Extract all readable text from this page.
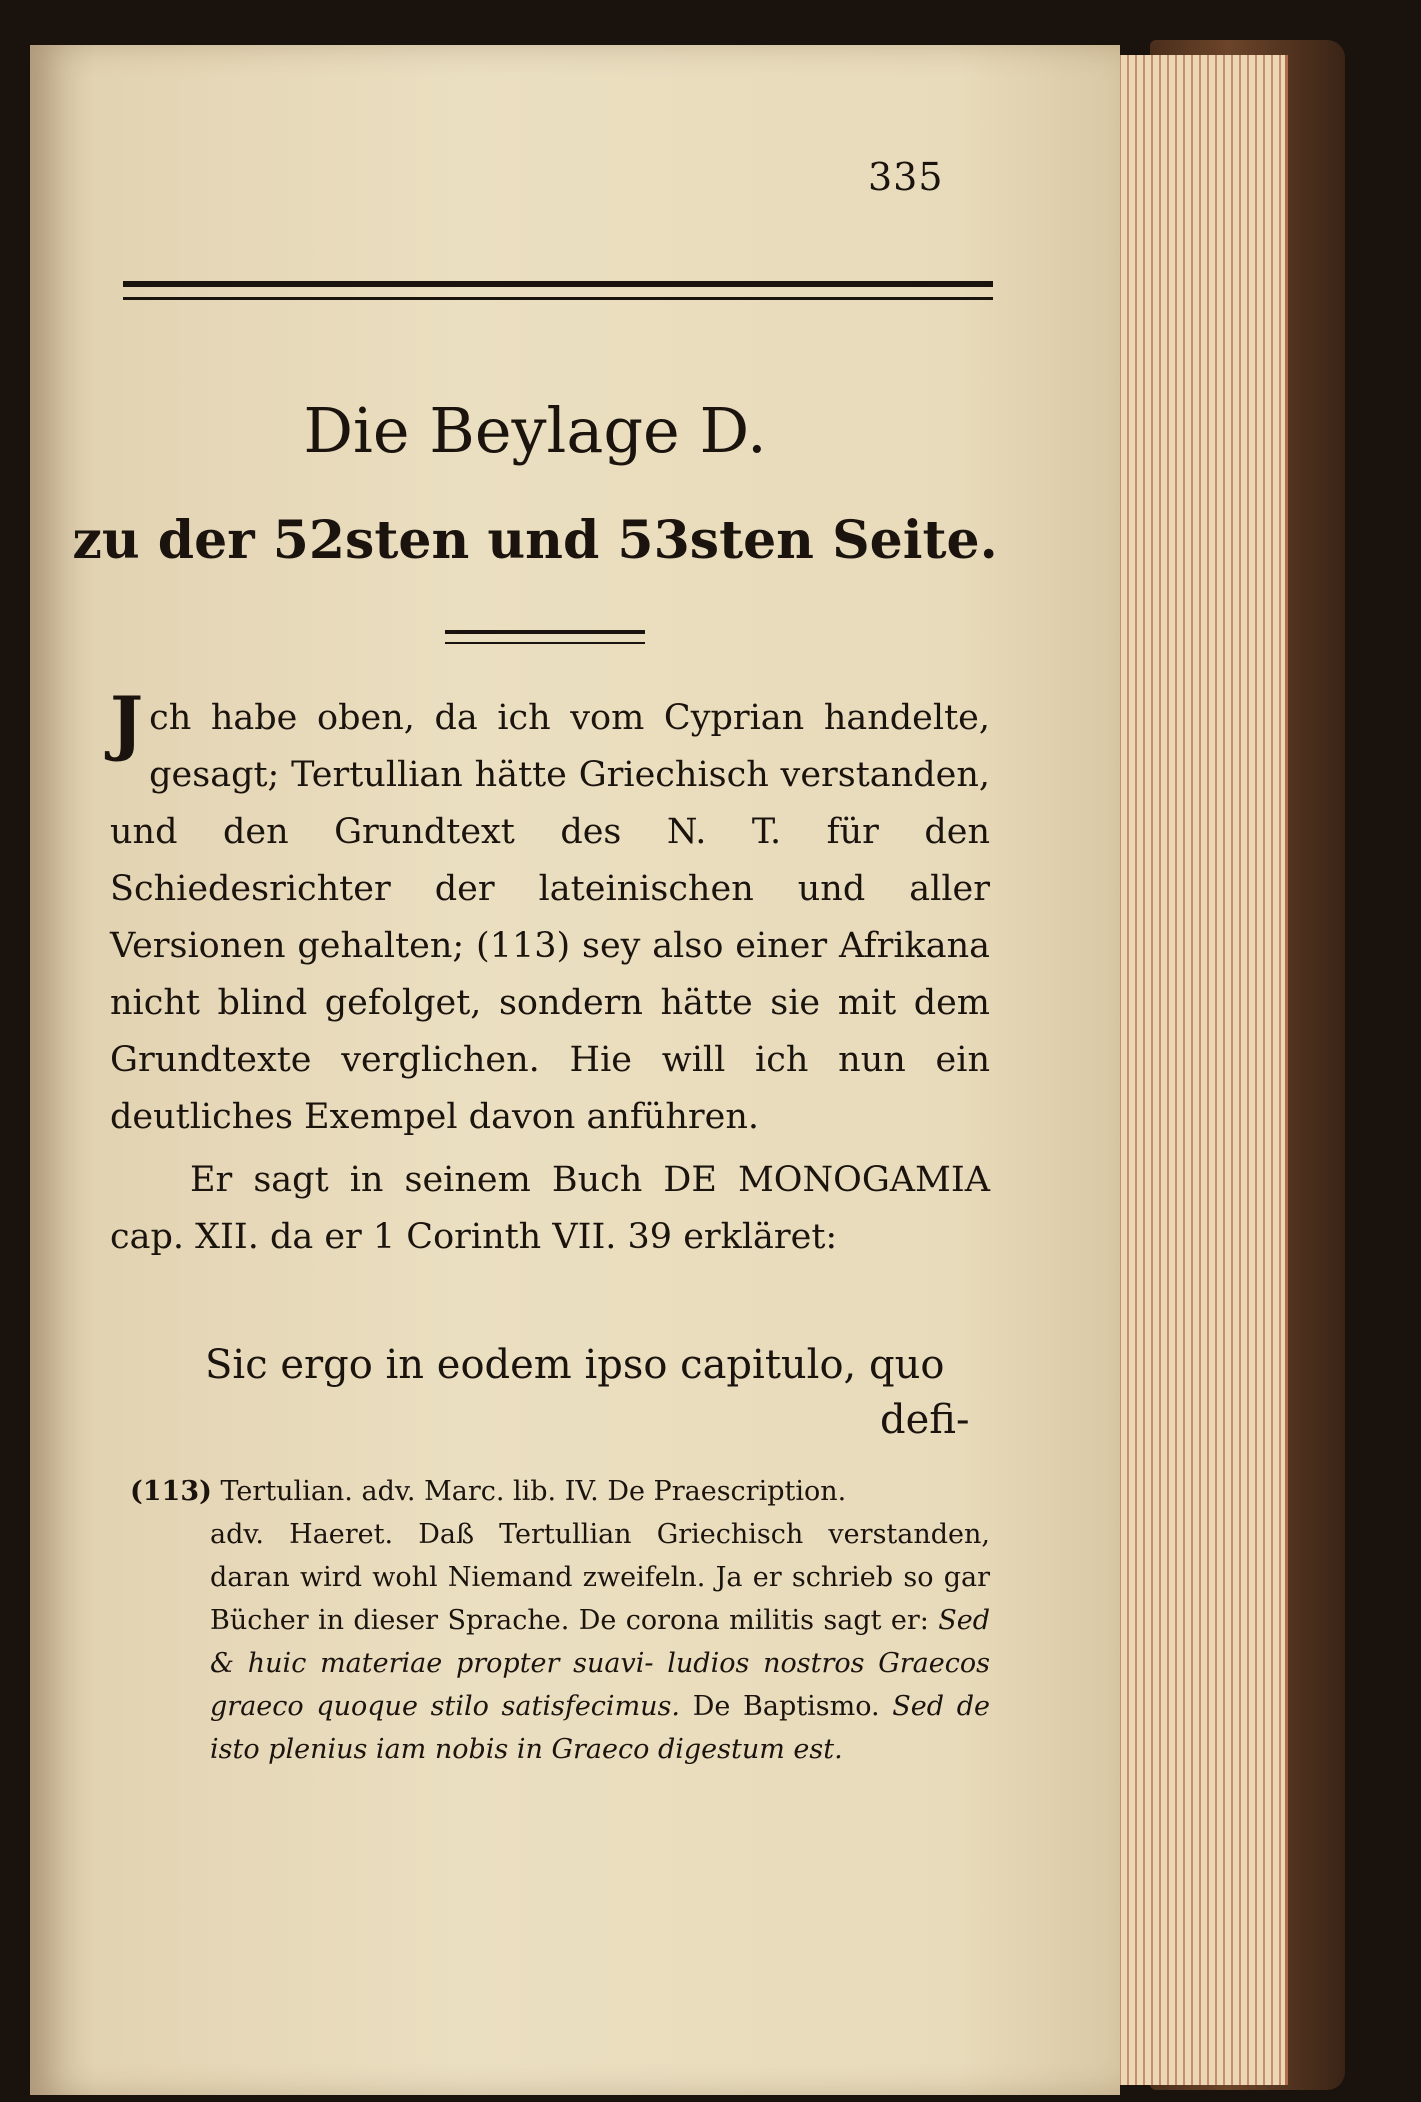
335
Die Beylage D.
zu der 52sten und 53sten Seite.

Jch habe oben, da ich vom Cyprian handelte, gesagt; Tertullian hätte Griechisch verstanden, und den Grundtext des N. T. für den Schiedesrichter der lateinischen und aller Versionen gehalten; (113) sey also einer Afrikana nicht blind gefolget, sondern hätte sie mit dem Grundtexte verglichen. Hie will ich nun ein deutliches Exempel davon anführen.

Er sagt in seinem Buch DE MONOGAMIA cap. XII. da er 1 Corinth VII. 39 erkläret:

Sic ergo in eodem ipso capitulo, quo
defi-
(113) Tertulian. adv. Marc. lib. IV. De Praescription.
adv. Haeret. Daß Tertullian Griechisch verstanden, daran wird wohl Niemand zweifeln. Ja er schrieb so gar Bücher in dieser Sprache. De corona militis sagt er: Sed & huic materiae propter suavi- ludios nostros Graecos graeco quoque stilo satisfecimus. De Baptismo. Sed de isto plenius iam nobis in Graeco digestum est.
